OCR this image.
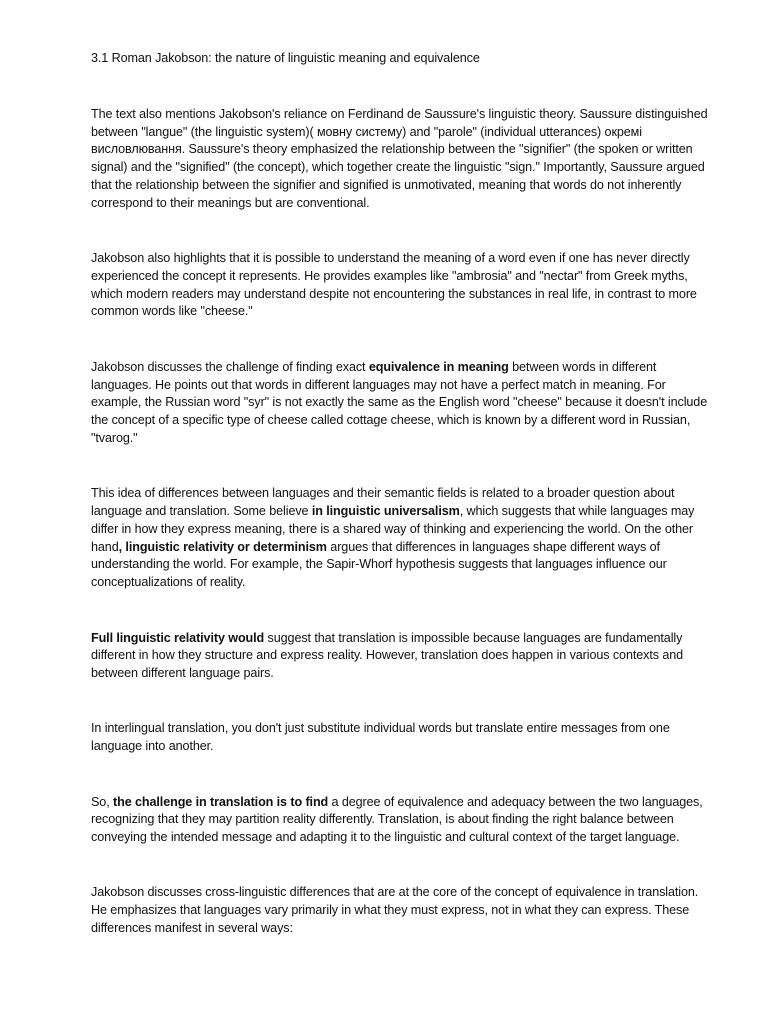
3.1 Roman Jakobson: the nature of linguistic meaning and equivalence

The text also mentions Jakobson's reliance on Ferdinand de Saussure's linguistic theory. Saussure distinguished between "langue" (the linguistic system)( мовну систему) and "parole" (individual utterances) окремі висловлювання. Saussure's theory emphasized the relationship between the "signifier" (the spoken or written signal) and the "signified" (the concept), which together create the linguistic "sign." Importantly, Saussure argued that the relationship between the signifier and signified is unmotivated, meaning that words do not inherently correspond to their meanings but are conventional.

Jakobson also highlights that it is possible to understand the meaning of a word even if one has never directly experienced the concept it represents. He provides examples like "ambrosia" and "nectar" from Greek myths, which modern readers may understand despite not encountering the substances in real life, in contrast to more common words like "cheese."

Jakobson discusses the challenge of finding exact equivalence in meaning between words in different languages. He points out that words in different languages may not have a perfect match in meaning. For example, the Russian word "syr" is not exactly the same as the English word "cheese" because it doesn't include the concept of a specific type of cheese called cottage cheese, which is known by a different word in Russian, "tvarog."

This idea of differences between languages and their semantic fields is related to a broader question about language and translation. Some believe in linguistic universalism, which suggests that while languages may differ in how they express meaning, there is a shared way of thinking and experiencing the world. On the other hand, linguistic relativity or determinism argues that differences in languages shape different ways of understanding the world. For example, the Sapir-Whorf hypothesis suggests that languages influence our conceptualizations of reality.

Full linguistic relativity would suggest that translation is impossible because languages are fundamentally different in how they structure and express reality. However, translation does happen in various contexts and between different language pairs.

In interlingual translation, you don't just substitute individual words but translate entire messages from one language into another.

So, the challenge in translation is to find a degree of equivalence and adequacy between the two languages, recognizing that they may partition reality differently. Translation, is about finding the right balance between conveying the intended message and adapting it to the linguistic and cultural context of the target language.

Jakobson discusses cross-linguistic differences that are at the core of the concept of equivalence in translation. He emphasizes that languages vary primarily in what they must express, not in what they can express. These differences manifest in several ways:
